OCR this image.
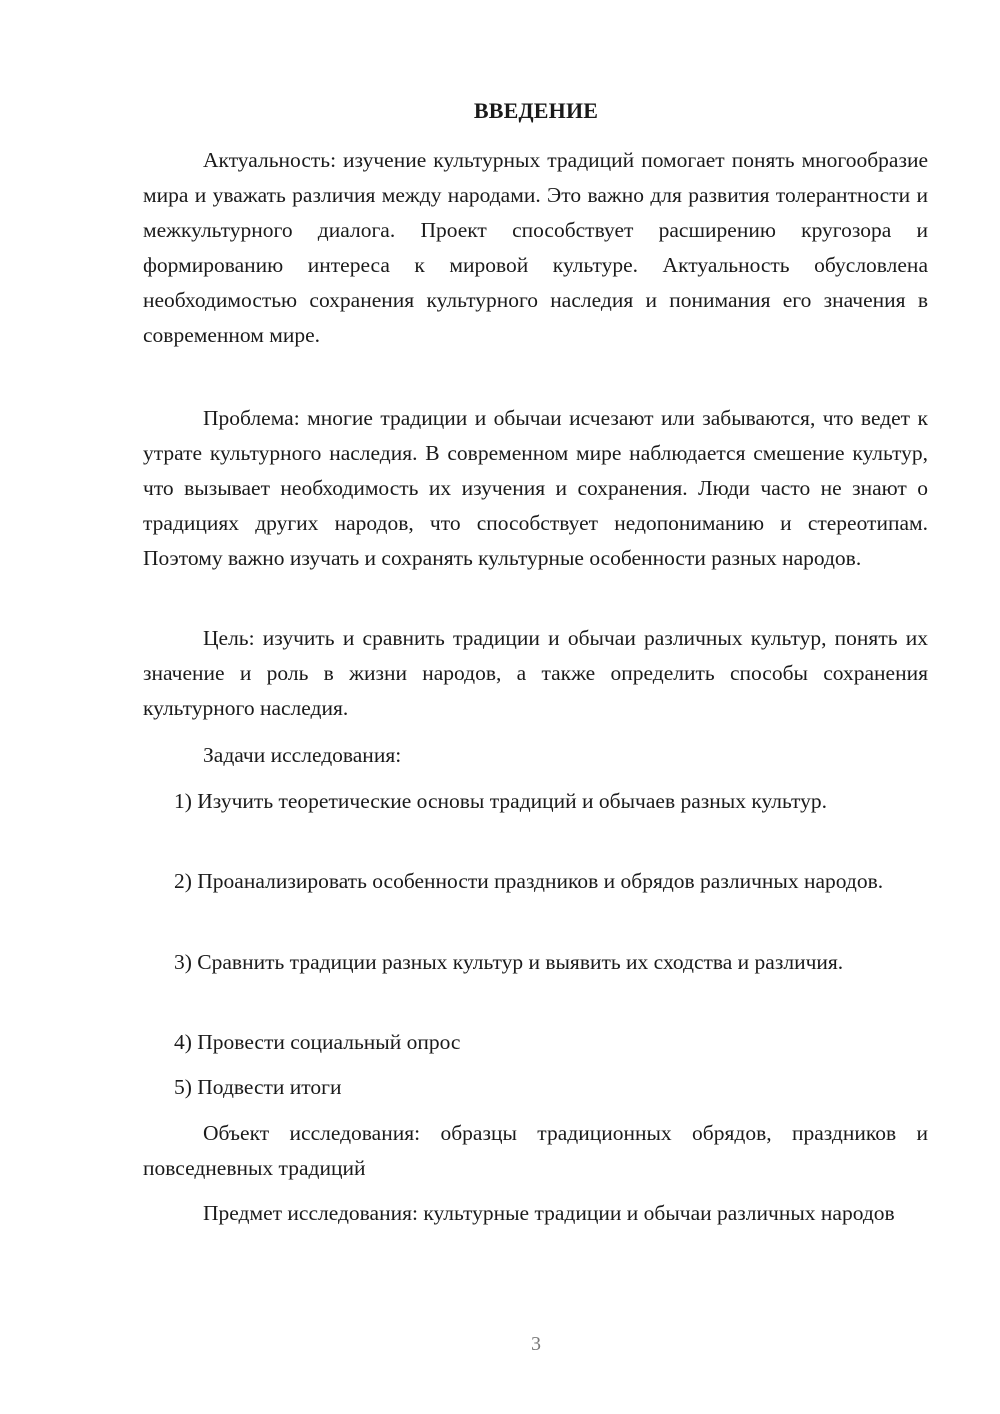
ВВЕДЕНИЕ

Актуальность: изучение культурных традиций помогает понять многообразие мира и уважать различия между народами. Это важно для развития толерантности и межкультурного диалога. Проект способствует расширению кругозора и формированию интереса к мировой культуре. Актуальность обусловлена необходимостью сохранения культурного наследия и понимания его значения в современном мире.

Проблема: многие традиции и обычаи исчезают или забываются, что ведет к утрате культурного наследия. В современном мире наблюдается смешение культур, что вызывает необходимость их изучения и сохранения. Люди часто не знают о традициях других народов, что способствует недопониманию и стереотипам. Поэтому важно изучать и сохранять культурные особенности разных народов.

Цель: изучить и сравнить традиции и обычаи различных культур, понять их значение и роль в жизни народов, а также определить способы сохранения культурного наследия.

Задачи исследования:

1) Изучить теоретические основы традиций и обычаев разных культур.

2) Проанализировать особенности праздников и обрядов различных народов.

3) Сравнить традиции разных культур и выявить их сходства и различия.

4) Провести социальный опрос

5) Подвести итоги

Объект исследования: образцы традиционных обрядов, праздников и повседневных традиций

Предмет исследования: культурные традиции и обычаи различных народов

3
